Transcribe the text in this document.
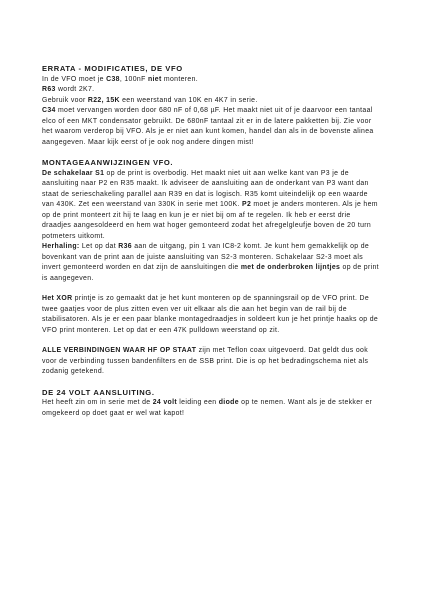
ERRATA - MODIFICATIES, DE VFO

In de VFO moet je C38, 100nF niet monteren.

R63 wordt 2K7.

Gebruik voor R22, 15K een weerstand van 10K en 4K7 in serie.

C34 moet vervangen worden door 680 nF of 0,68 µF. Het maakt niet uit of je daarvoor een tantaal elco of een MKT condensator gebruikt. De 680nF tantaal zit er in de latere pakketten bij. Zie voor het waarom verderop bij VFO. Als je er niet aan kunt komen, handel dan als in de bovenste alinea aangegeven. Maar kijk eerst of je ook nog andere dingen mist!

MONTAGEAANWIJZINGEN VFO.

De schakelaar S1 op de print is overbodig. Het maakt niet uit aan welke kant van P3 je de aansluiting naar P2 en R35 maakt. Ik adviseer de aansluiting aan de onderkant van P3 want dan staat de serieschakeling parallel aan R39 en dat is logisch. R35 komt uiteindelijk op een waarde van 430K. Zet een weerstand van 330K in serie met 100K. P2 moet je anders monteren. Als je hem op de print monteert zit hij te laag en kun je er niet bij om af te regelen. Ik heb er eerst drie draadjes aangesoldeerd en hem wat hoger gemonteerd zodat het afregelgleufje boven de 20 turn potmeters uitkomt.

Herhaling: Let op dat R36 aan de uitgang, pin 1 van IC8-2 komt. Je kunt hem gemakkelijk op de bovenkant van de print aan de juiste aansluiting van S2-3 monteren. Schakelaar S2-3 moet als invert gemonteerd worden en dat zijn de aansluitingen die met de onderbroken lijntjes op de print is aangegeven.

Het XOR printje is zo gemaakt dat je het kunt monteren op de spanningsrail op de VFO print. De twee gaatjes voor de plus zitten even ver uit elkaar als die aan het begin van de rail bij de stabilisatoren. Als je er een paar blanke montagedraadjes in soldeert kun je het printje haaks op de VFO print monteren. Let op dat er een 47K pulldown weerstand op zit.

ALLE VERBINDINGEN WAAR HF OP STAAT zijn met Teflon coax uitgevoerd. Dat geldt dus ook voor de verbinding tussen bandenfilters en de SSB print. Die is op het bedradingschema niet als zodanig getekend.

DE 24 VOLT AANSLUITING.

Het heeft zin om in serie met de 24 volt leiding een diode op te nemen. Want als je de stekker er omgekeerd op doet gaat er wel wat kapot!
